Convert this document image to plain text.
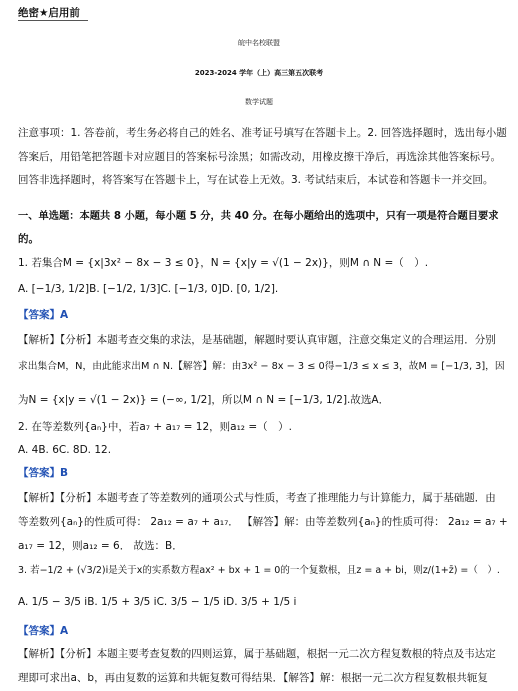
绝密★启用前
皖中名校联盟
2023-2024 学年（上）高三第五次联考
数学试题
注意事项：1. 答卷前，考生务必将自己的姓名、准考证号填写在答题卡上。2. 回答选择题时，选出每小题
答案后，用铅笔把答题卡对应题目的答案标号涂黑；如需改动，用橡皮擦干净后，再选涂其他答案标号。
回答非选择题时，将答案写在答题卡上，写在试卷上无效。3. 考试结束后，本试卷和答题卡一并交回。
一、单选题：本题共 8 小题，每小题 5 分，共 40 分。在每小题给出的选项中，只有一项是符合题目要求
的。
1. 若集合M = {x|3x² − 8x − 3 ≤ 0}，N = {x|y = √(1 − 2x)}，则M ∩ N =（　）.
A. [−1/3, 1/2]B. [−1/2, 1/3]C. [−1/3, 0]D. [0, 1/2].
【答案】A
【解析】【分析】本题考查交集的求法，是基础题，解题时要认真审题，注意交集定义的合理运用．分别
求出集合M，N，由此能求出M ∩ N.【解答】解：由3x² − 8x − 3 ≤ 0得−1/3 ≤ x ≤ 3，故M = [−1/3, 3]，因
为N = {x|y = √(1 − 2x)} = (−∞, 1/2]，所以M ∩ N = [−1/3, 1/2].故选A．
2. 在等差数列{aₙ}中，若a₇ + a₁₇ = 12，则a₁₂ =（　）.
A. 4B. 6C. 8D. 12.
【答案】B
【解析】【分析】本题考查了等差数列的通项公式与性质，考查了推理能力与计算能力，属于基础题．由
等差数列{aₙ}的性质可得： 2a₁₂ = a₇ + a₁₇． 【解答】解：由等差数列{aₙ}的性质可得： 2a₁₂ = a₇ +
a₁₇ = 12，则a₁₂ = 6． 故选：B．
3. 若−1/2 + (√3/2)i是关于x的实系数方程ax² + bx + 1 = 0的一个复数根，且z = a + bi，则z/(1+z̄) =（　）.
A. 1/5 − 3/5 iB. 1/5 + 3/5 iC. 3/5 − 1/5 iD. 3/5 + 1/5 i
【答案】A
【解析】【分析】本题主要考查复数的四则运算，属于基础题，根据一元二次方程复数根的特点及韦达定
理即可求出a、b，再由复数的运算和共轭复数可得结果．【解答】解：根据一元二次方程复数根共轭复
